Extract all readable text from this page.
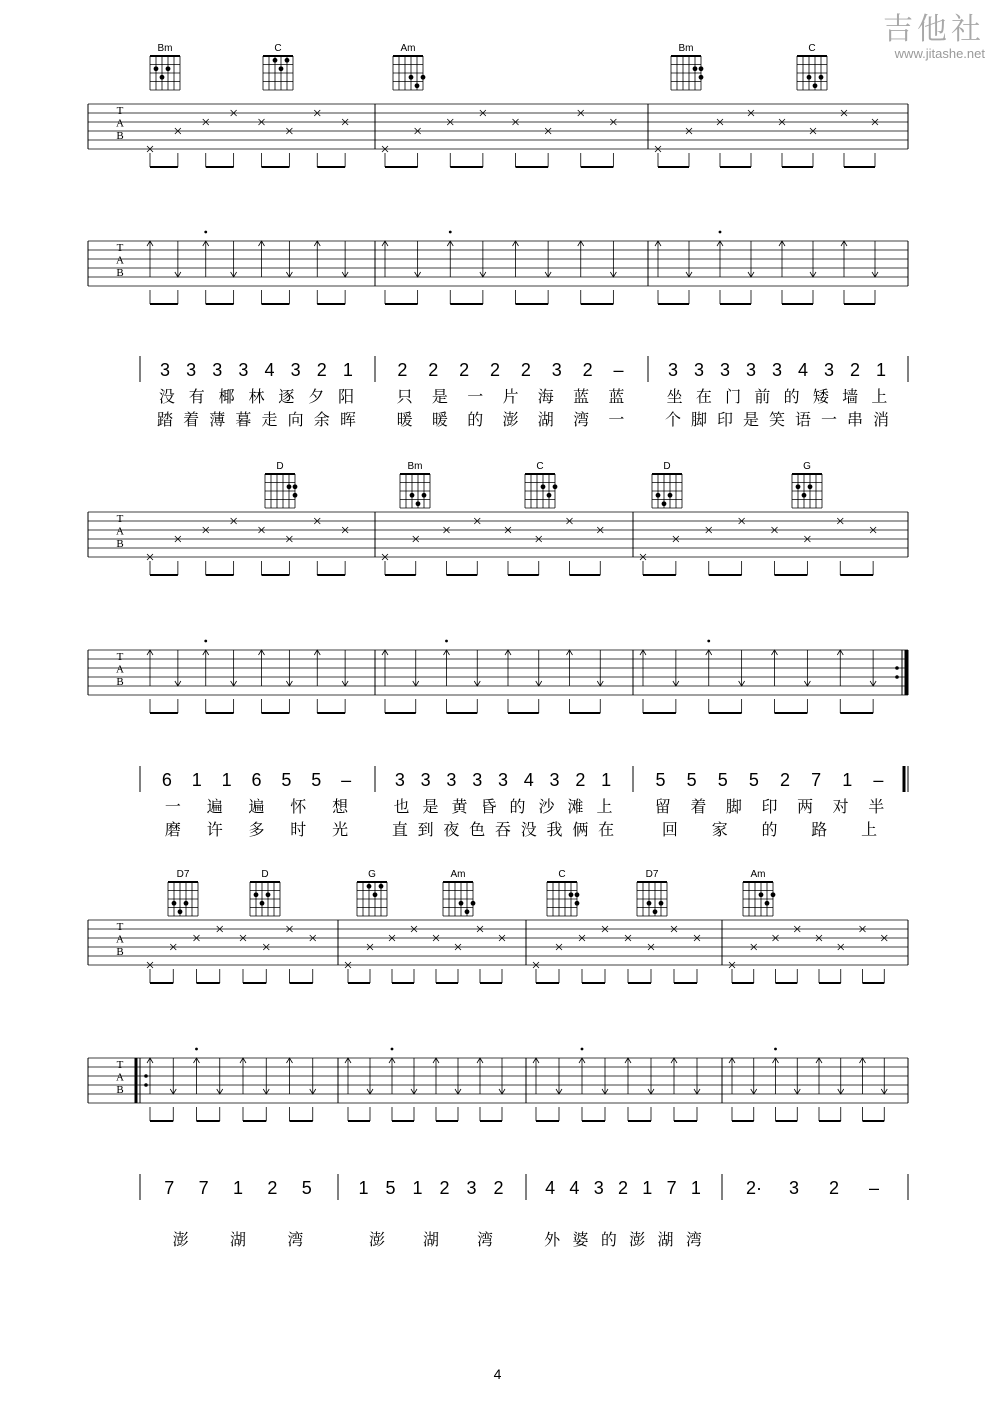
Bm	C	Am	Bm	C
T
A
B
T
A
B
3 3 3 3 4 3 2 1
没 有 椰 林 逐 夕 阳
踏 着 薄 暮 走 向 余 晖
2 2 2 2 2 3 2 –
只 是 一 片 海 蓝 蓝
暖 暖 的 澎 湖 湾 一
3 3 3 3 3 4 3 2 1
坐 在 门 前 的 矮 墙 上
个 脚 印 是 笑 语 一 串 消
D	Bm	C	D	G
T
A
B
T
A
B
6 1 1 6 5 5 –
一 遍 遍 怀 想
磨 许 多 时 光
3 3 3 3 3 4 3 2 1
也 是 黄 昏 的 沙 滩 上
直 到 夜 色 吞 没 我 俩 在
5 5 5 5 2 7 1 –
留 着 脚 印 两 对 半
回 家 的 路 上
D7	D	G	Am	C	D7	Am
T
A
B
T
A
B
7 7 1 2 5
澎	湖	湾
1 5 1 2 3 2
澎 湖 湾
4 4 3 2 1 7 1
外 婆 的 澎 湖 湾
2· 3 2 –
吉他社
www.jitashe.net
4
